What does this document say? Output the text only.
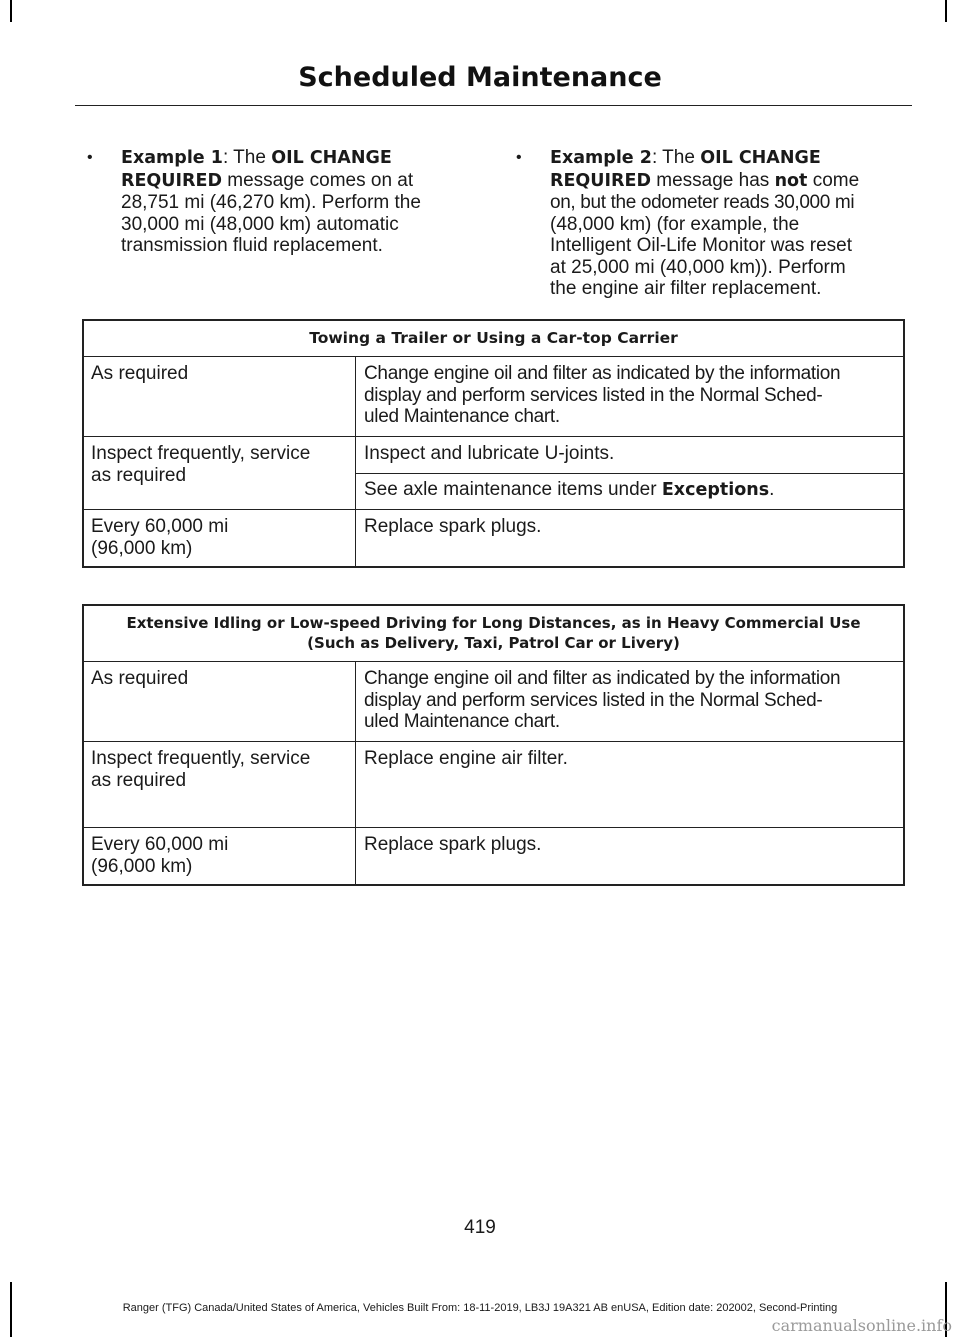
Scheduled Maintenance
• Example 1: The OIL CHANGE
REQUIRED message comes on at
28,751 mi (46,270 km). Perform the
30,000 mi (48,000 km) automatic
transmission fluid replacement.
• Example 2: The OIL CHANGE
REQUIRED message has not come
on, but the odometer reads 30,000 mi
(48,000 km) (for example, the
Intelligent Oil-Life Monitor was reset
at 25,000 mi (40,000 km)). Perform
the engine air filter replacement.
Towing a Trailer or Using a Car-top Carrier
As required	Change engine oil and filter as indicated by the information
display and perform services listed in the Normal Sched-
uled Maintenance chart.
Inspect frequently, service
as required
Inspect and lubricate U-joints.
See axle maintenance items under Exceptions.
Every 60,000 mi
(96,000 km)
Replace spark plugs.
Extensive Idling or Low-speed Driving for Long Distances, as in Heavy Commercial Use
(Such as Delivery, Taxi, Patrol Car or Livery)
As required	Change engine oil and filter as indicated by the information
display and perform services listed in the Normal Sched-
uled Maintenance chart.
Inspect frequently, service
as required
Replace engine air filter.
Every 60,000 mi
(96,000 km)
Replace spark plugs.
419
Ranger (TFG) Canada/United States of America, Vehicles Built From: 18-11-2019, LB3J 19A321 AB enUSA, Edition date: 202002, Second-Printing
carmanualsonline.info
